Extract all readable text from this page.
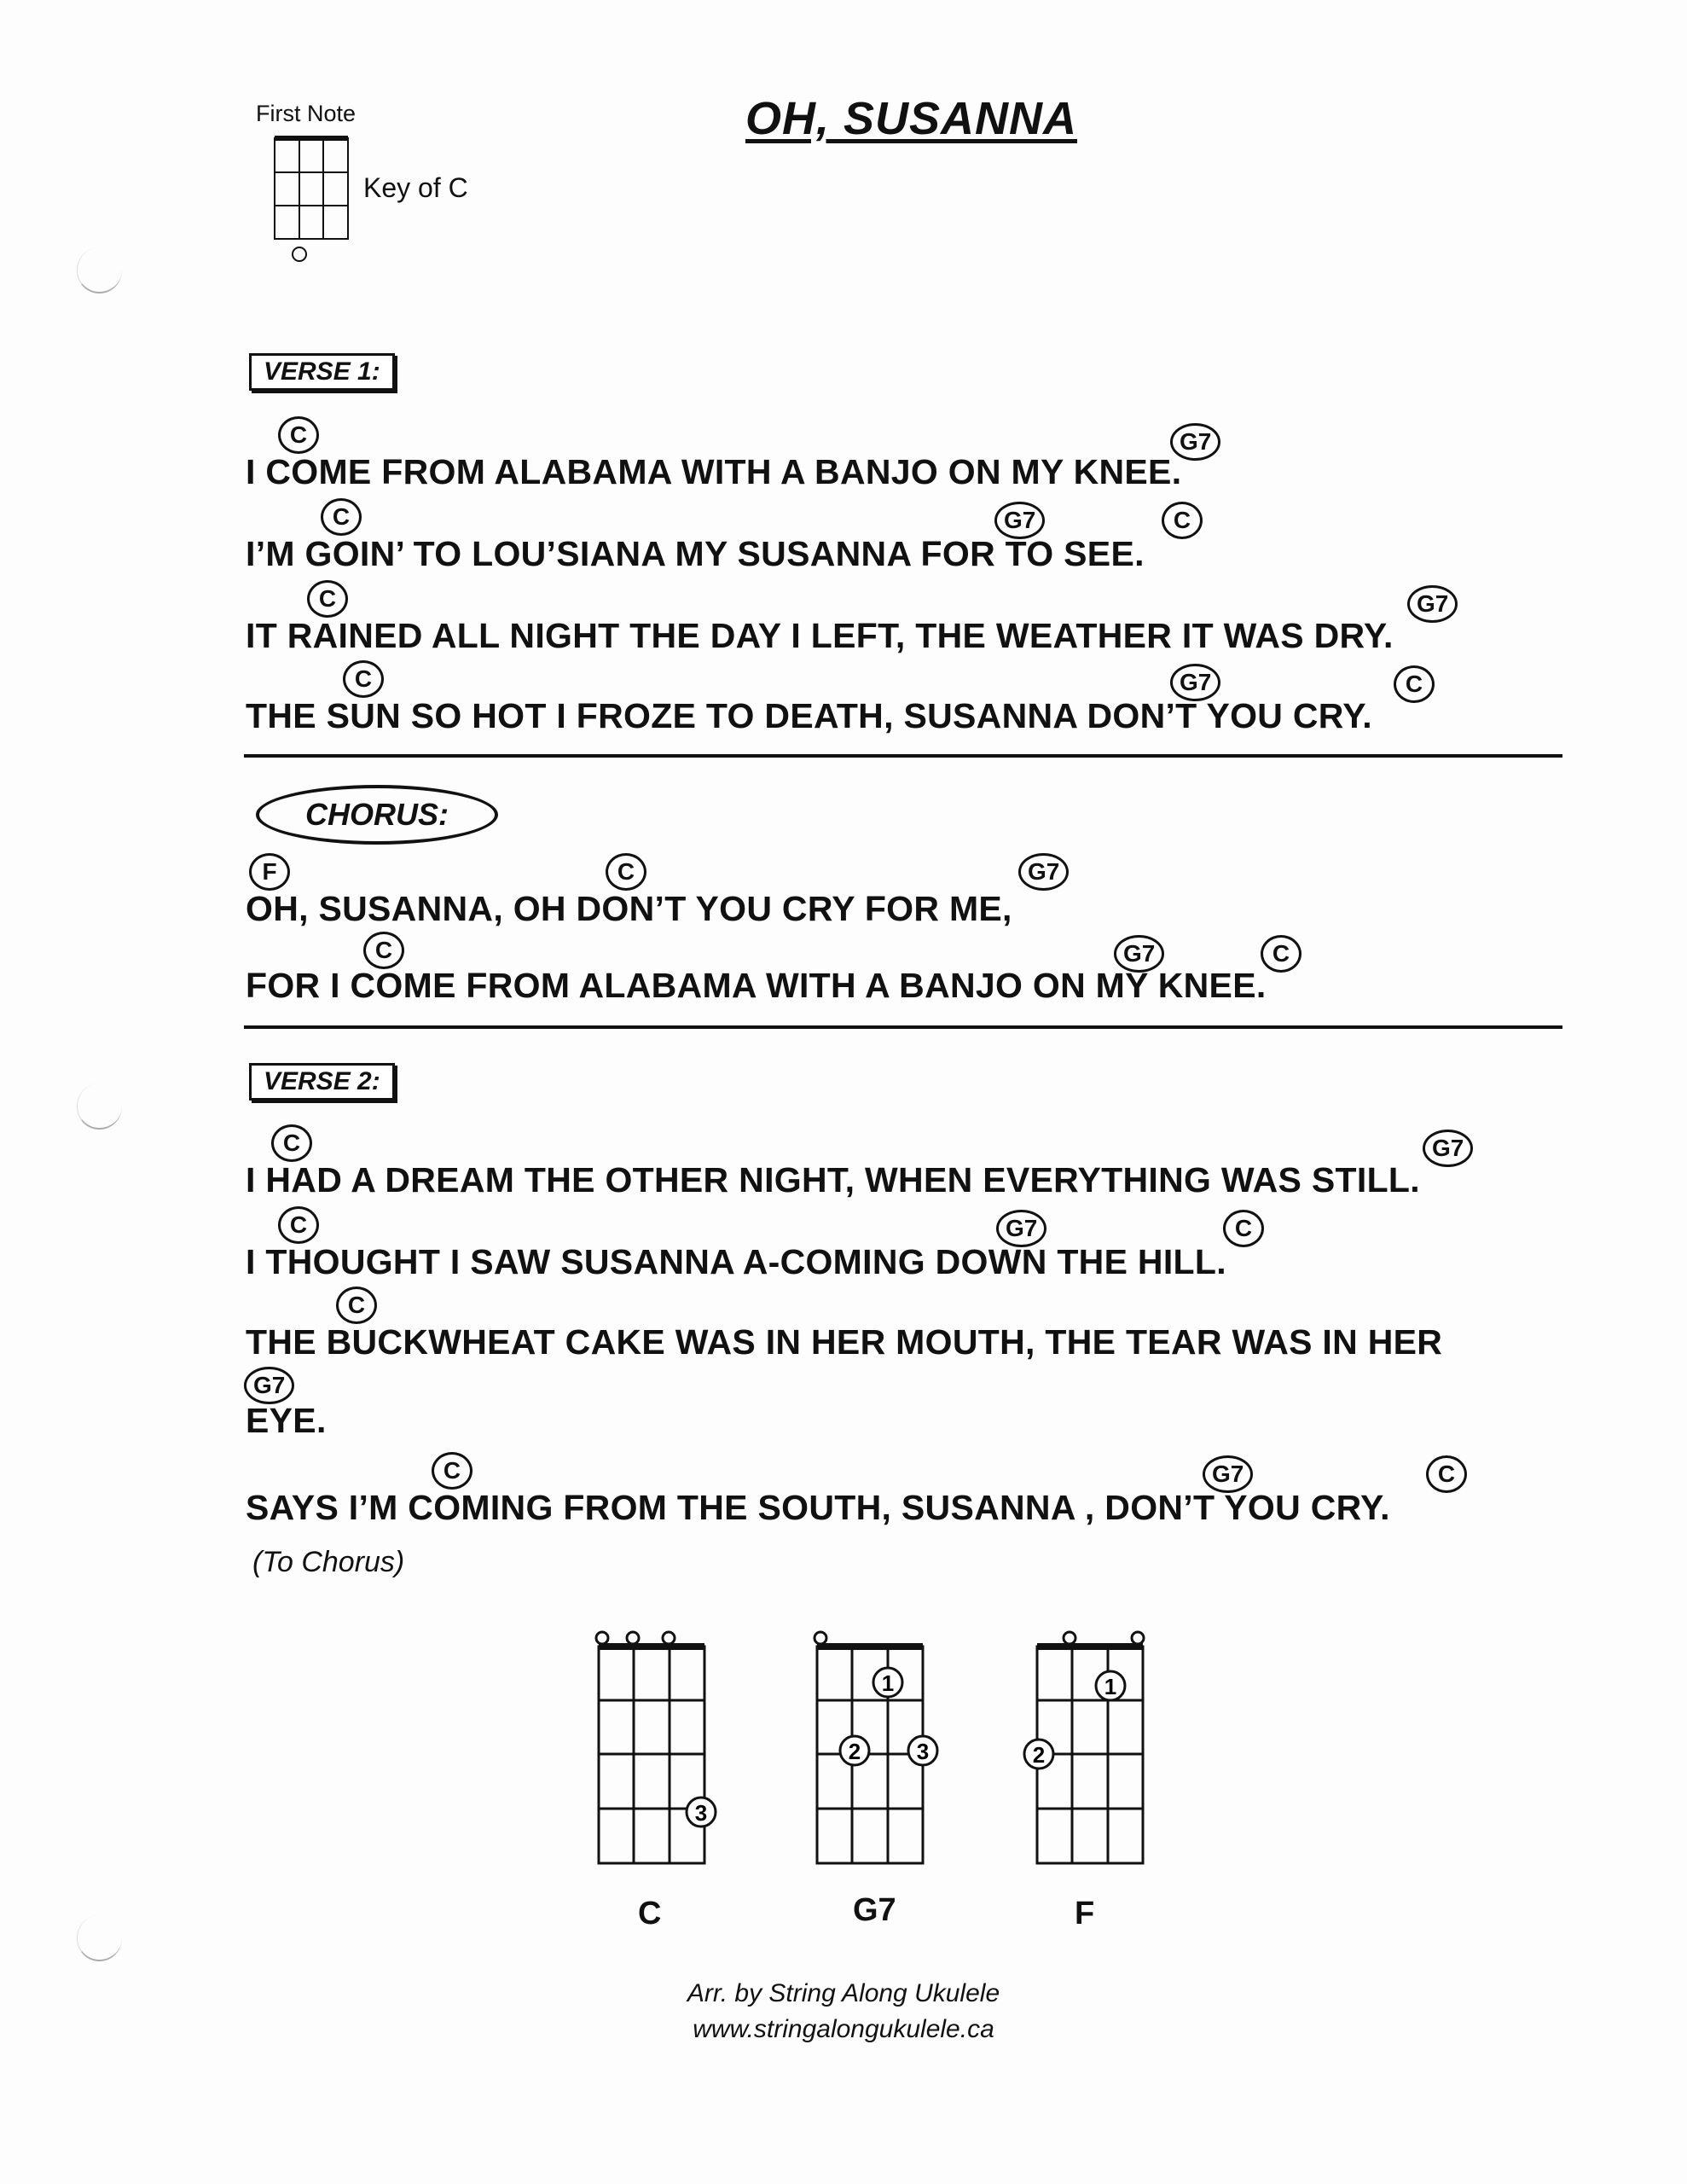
First Note
Key of C
OH, SUSANNA
VERSE 1:
C	G7
I COME FROM ALABAMA WITH A BANJO ON MY KNEE.
C	G7	C
I’M GOIN’ TO LOU’SIANA MY SUSANNA FOR TO SEE.
C	G7
IT RAINED ALL NIGHT THE DAY I LEFT, THE WEATHER IT WAS DRY.
C	G7	C
THE SUN SO HOT I FROZE TO DEATH, SUSANNA DON’T YOU CRY.
CHORUS:
F	C	G7
OH, SUSANNA, OH DON’T YOU CRY FOR ME,
C	G7	C
FOR I COME FROM ALABAMA WITH A BANJO ON MY KNEE.
VERSE 2:
C	G7
I HAD A DREAM THE OTHER NIGHT, WHEN EVERYTHING WAS STILL.
C	G7	C
I THOUGHT I SAW SUSANNA A-COMING DOWN THE HILL.
C
THE BUCKWHEAT CAKE WAS IN HER MOUTH, THE TEAR WAS IN HER
G7
EYE.
C	G7	C
SAYS I’M COMING FROM THE SOUTH, SUSANNA , DON’T YOU CRY.
(To Chorus)
3
1
2	3
1
2
C	G7	F
Arr. by String Along Ukulele
www.stringalongukulele.ca
